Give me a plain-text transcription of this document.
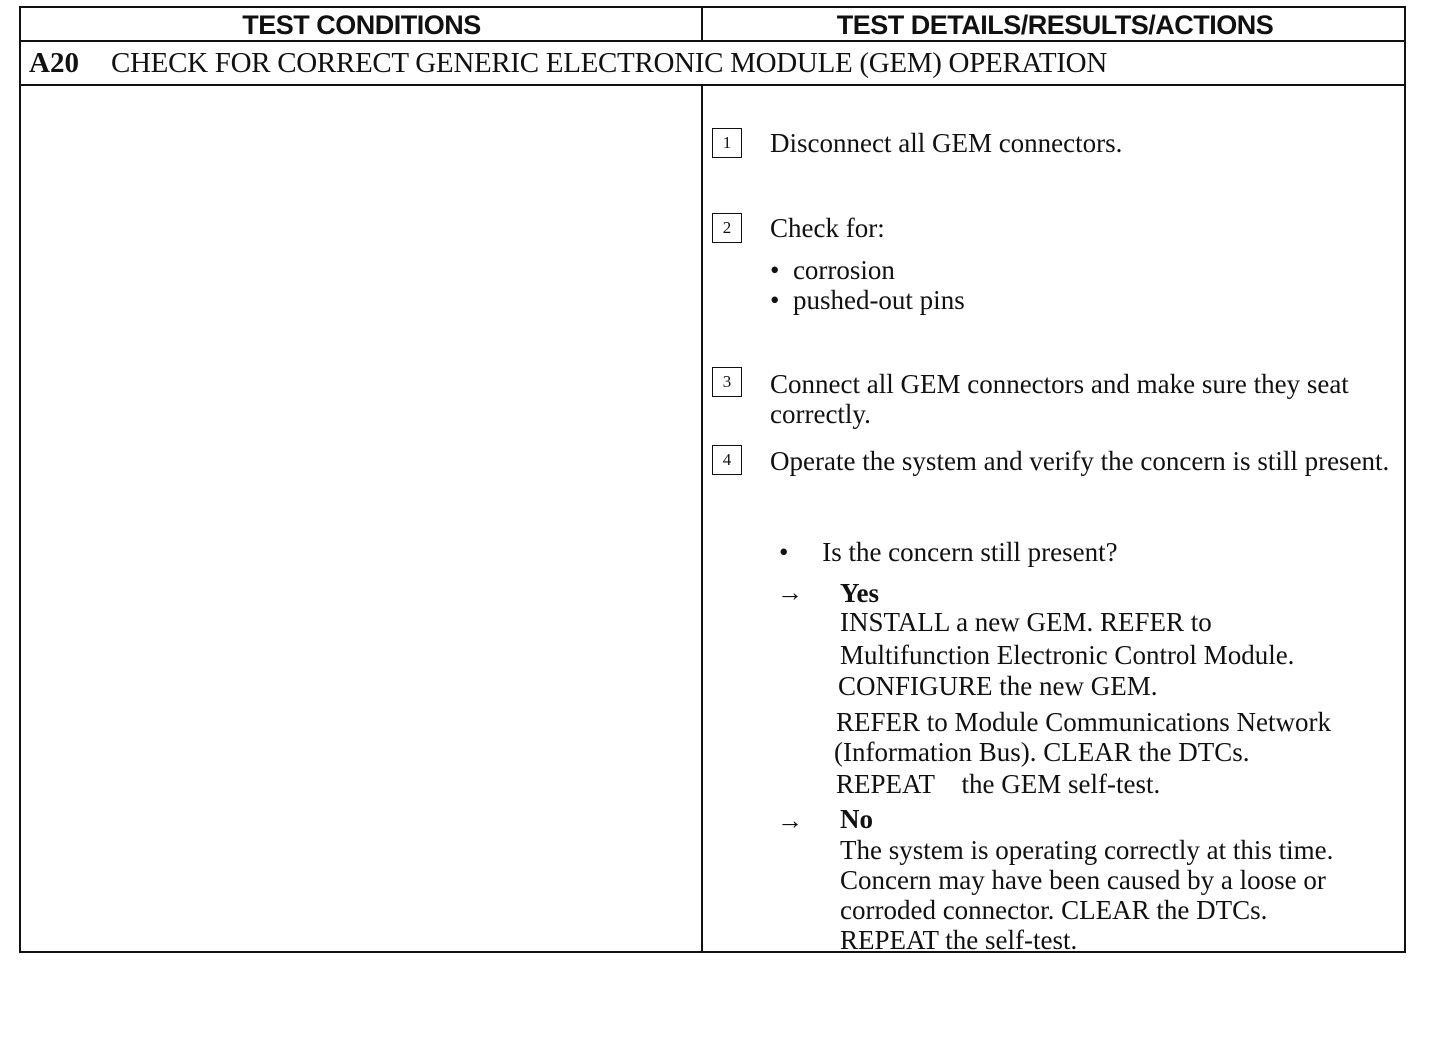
TEST CONDITIONS	TEST DETAILS/RESULTS/ACTIONS
A20 CHECK FOR CORRECT GENERIC ELECTRONIC MODULE (GEM) OPERATION
1	Disconnect all GEM connectors.
2	Check for:
• corrosion
• pushed-out pins
3	Connect all GEM connectors and make sure they seat correctly.
4	Operate the system and verify the concern is still present.
• Is the concern still present?
→ Yes
INSTALL a new GEM. REFER to
Multifunction Electronic Control Module.
CONFIGURE the new GEM.
REFER to Module Communications Network
(Information Bus). CLEAR the DTCs.
REPEAT    the GEM self-test.
→ No
The system is operating correctly at this time.
Concern may have been caused by a loose or
corroded connector. CLEAR the DTCs.
REPEAT the self-test.
